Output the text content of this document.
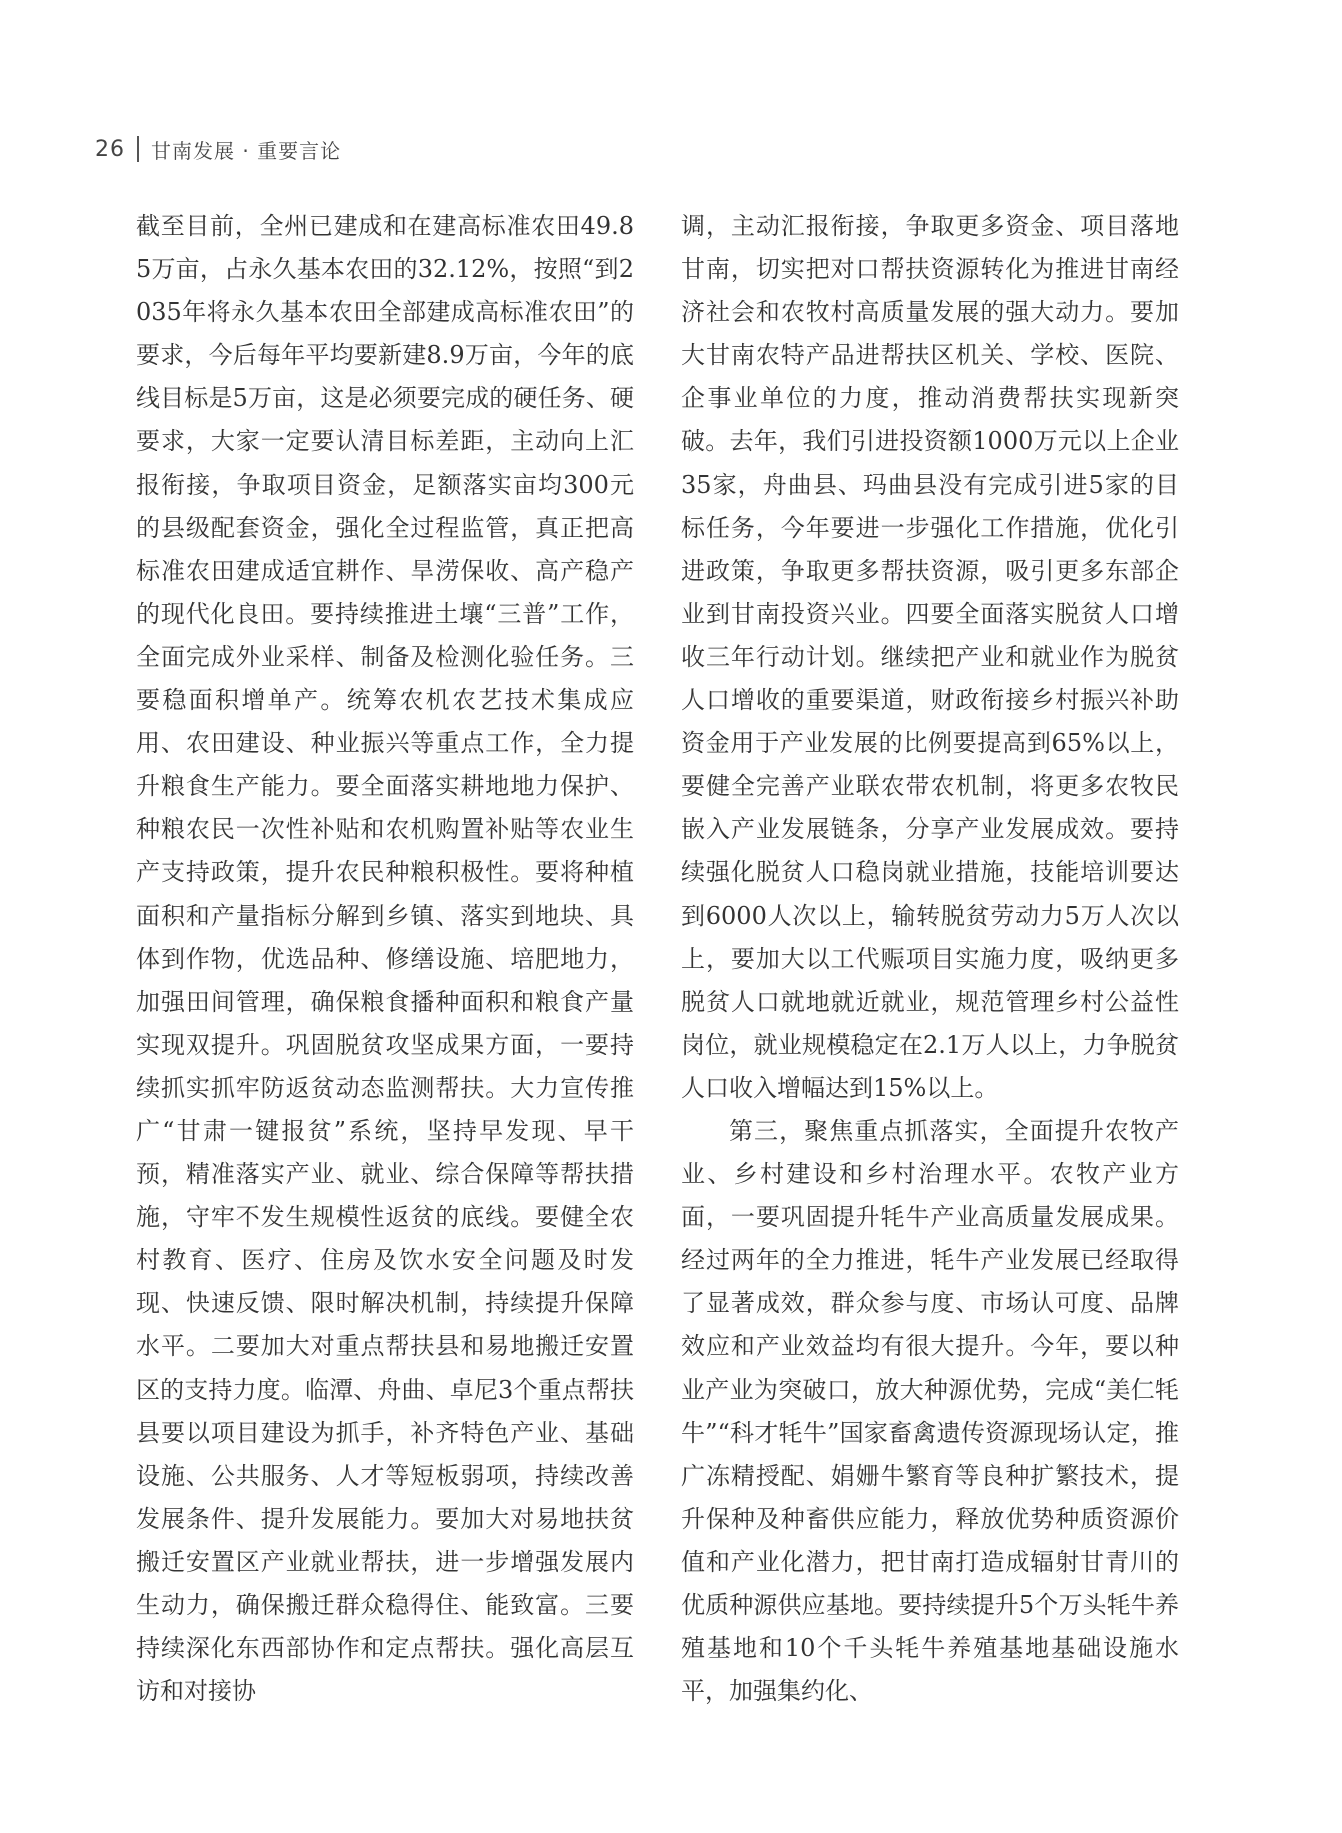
26 甘南发展 · 重要言论

截至目前，全州已建成和在建高标准农田49.85万亩，占永久基本农田的32.12%，按照“到2035年将永久基本农田全部建成高标准农田”的要求，今后每年平均要新建8.9万亩，今年的底线目标是5万亩，这是必须要完成的硬任务、硬要求，大家一定要认清目标差距，主动向上汇报衔接，争取项目资金，足额落实亩均300元的县级配套资金，强化全过程监管，真正把高标准农田建成适宜耕作、旱涝保收、高产稳产的现代化良田。要持续推进土壤“三普”工作，全面完成外业采样、制备及检测化验任务。三要稳面积增单产。统筹农机农艺技术集成应用、农田建设、种业振兴等重点工作，全力提升粮食生产能力。要全面落实耕地地力保护、种粮农民一次性补贴和农机购置补贴等农业生产支持政策，提升农民种粮积极性。要将种植面积和产量指标分解到乡镇、落实到地块、具体到作物，优选品种、修缮设施、培肥地力，加强田间管理，确保粮食播种面积和粮食产量实现双提升。巩固脱贫攻坚成果方面，一要持续抓实抓牢防返贫动态监测帮扶。大力宣传推广“甘肃一键报贫”系统，坚持早发现、早干预，精准落实产业、就业、综合保障等帮扶措施，守牢不发生规模性返贫的底线。要健全农村教育、医疗、住房及饮水安全问题及时发现、快速反馈、限时解决机制，持续提升保障水平。二要加大对重点帮扶县和易地搬迁安置区的支持力度。临潭、舟曲、卓尼3个重点帮扶县要以项目建设为抓手，补齐特色产业、基础设施、公共服务、人才等短板弱项，持续改善发展条件、提升发展能力。要加大对易地扶贫搬迁安置区产业就业帮扶，进一步增强发展内生动力，确保搬迁群众稳得住、能致富。三要持续深化东西部协作和定点帮扶。强化高层互访和对接协

调，主动汇报衔接，争取更多资金、项目落地甘南，切实把对口帮扶资源转化为推进甘南经济社会和农牧村高质量发展的强大动力。要加大甘南农特产品进帮扶区机关、学校、医院、企事业单位的力度，推动消费帮扶实现新突破。去年，我们引进投资额1000万元以上企业35家，舟曲县、玛曲县没有完成引进5家的目标任务，今年要进一步强化工作措施，优化引进政策，争取更多帮扶资源，吸引更多东部企业到甘南投资兴业。四要全面落实脱贫人口增收三年行动计划。继续把产业和就业作为脱贫人口增收的重要渠道，财政衔接乡村振兴补助资金用于产业发展的比例要提高到65%以上，要健全完善产业联农带农机制，将更多农牧民嵌入产业发展链条，分享产业发展成效。要持续强化脱贫人口稳岗就业措施，技能培训要达到6000人次以上，输转脱贫劳动力5万人次以上，要加大以工代赈项目实施力度，吸纳更多脱贫人口就地就近就业，规范管理乡村公益性岗位，就业规模稳定在2.1万人以上，力争脱贫人口收入增幅达到15%以上。

第三，聚焦重点抓落实，全面提升农牧产业、乡村建设和乡村治理水平。农牧产业方面，一要巩固提升牦牛产业高质量发展成果。经过两年的全力推进，牦牛产业发展已经取得了显著成效，群众参与度、市场认可度、品牌效应和产业效益均有很大提升。今年，要以种业产业为突破口，放大种源优势，完成“美仁牦牛”“科才牦牛”国家畜禽遗传资源现场认定，推广冻精授配、娟姗牛繁育等良种扩繁技术，提升保种及种畜供应能力，释放优势种质资源价值和产业化潜力，把甘南打造成辐射甘青川的优质种源供应基地。要持续提升5个万头牦牛养殖基地和10个千头牦牛养殖基地基础设施水平，加强集约化、
